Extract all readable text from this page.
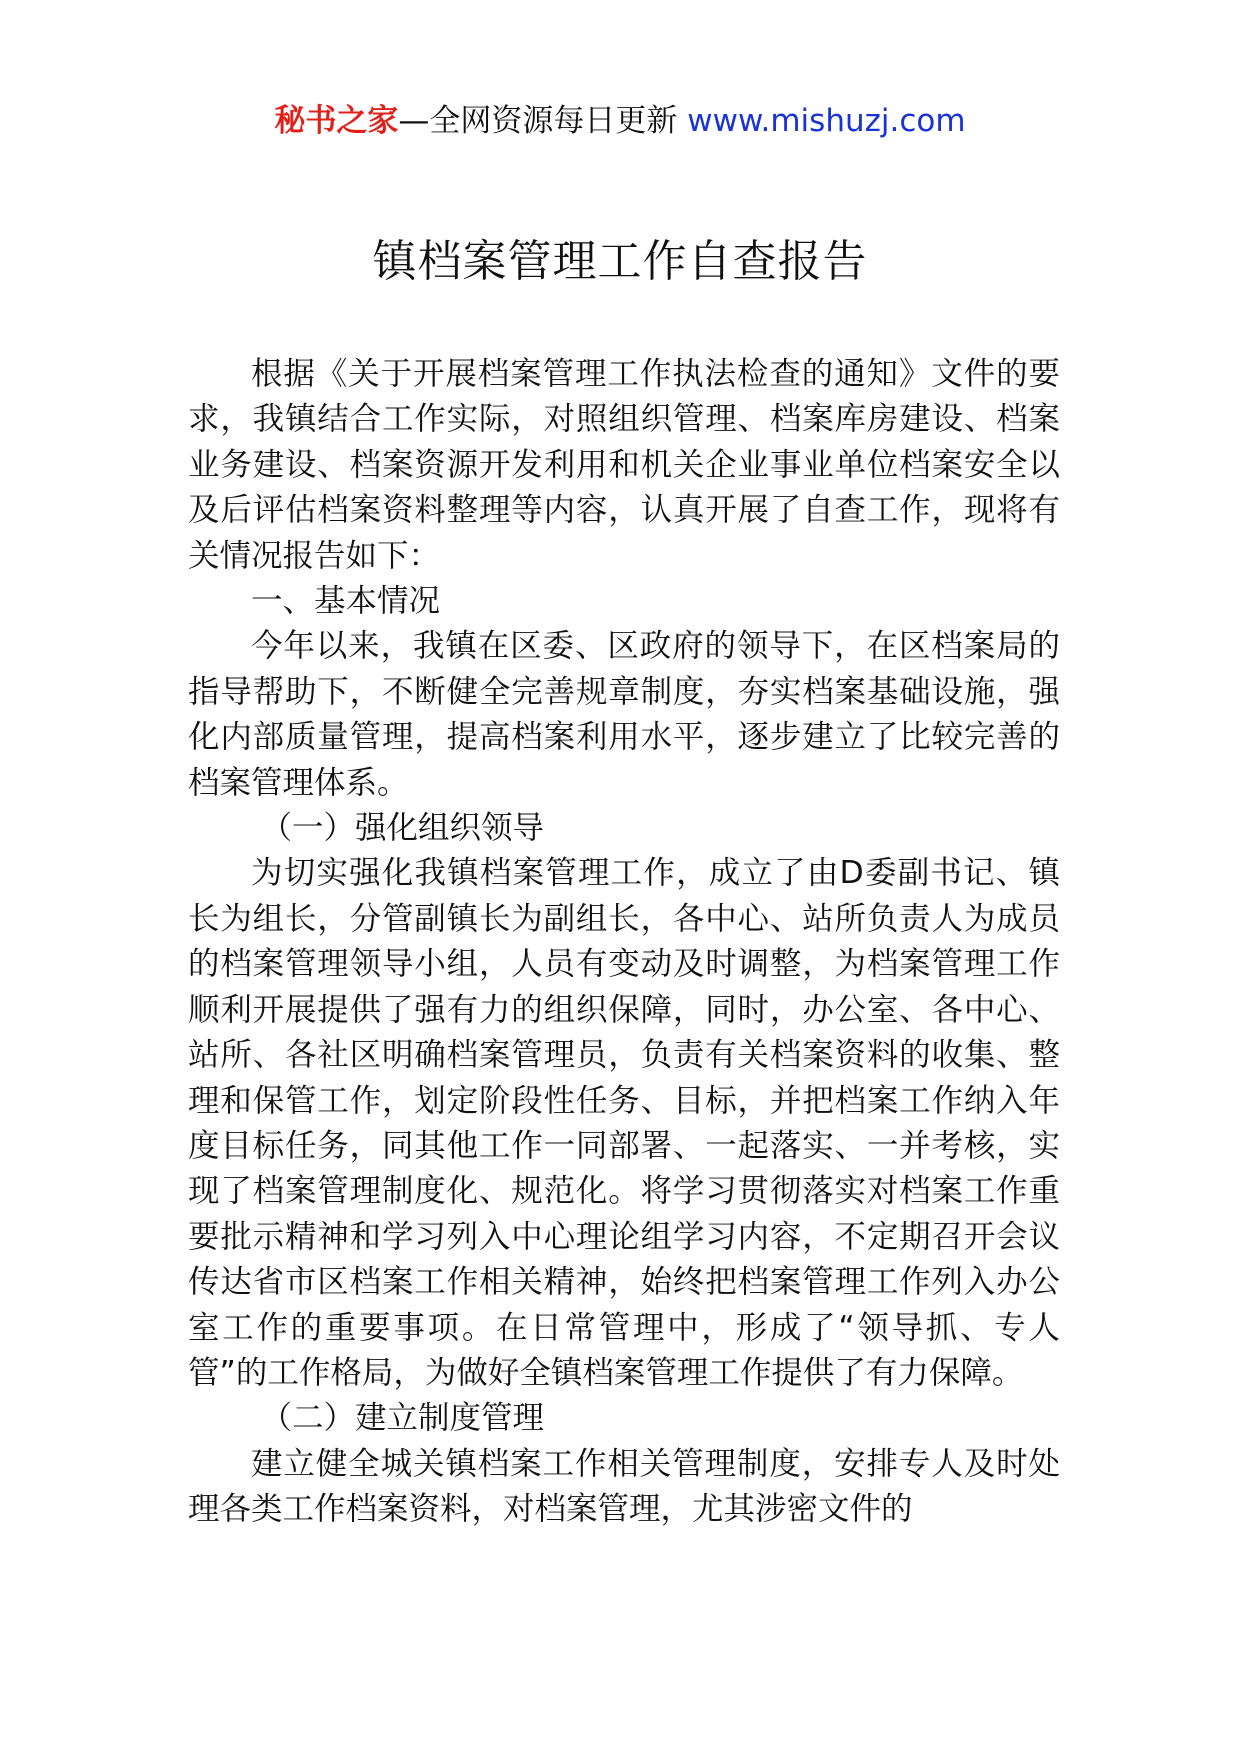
秘书之家—全网资源每日更新 www.mishuzj.com
镇档案管理工作自查报告

根据《关于开展档案管理工作执法检查的通知》文件的要求，我镇结合工作实际，对照组织管理、档案库房建设、档案业务建设、档案资源开发利用和机关企业事业单位档案安全以及后评估档案资料整理等内容，认真开展了自查工作，现将有关情况报告如下：

一、基本情况

今年以来，我镇在区委、区政府的领导下，在区档案局的指导帮助下，不断健全完善规章制度，夯实档案基础设施，强化内部质量管理，提高档案利用水平，逐步建立了比较完善的档案管理体系。

（一）强化组织领导

为切实强化我镇档案管理工作，成立了由D委副书记、镇长为组长，分管副镇长为副组长，各中心、站所负责人为成员的档案管理领导小组，人员有变动及时调整，为档案管理工作顺利开展提供了强有力的组织保障，同时，办公室、各中心、站所、各社区明确档案管理员，负责有关档案资料的收集、整理和保管工作，划定阶段性任务、目标，并把档案工作纳入年度目标任务，同其他工作一同部署、一起落实、一并考核，实现了档案管理制度化、规范化。将学习贯彻落实对档案工作重要批示精神和学习列入中心理论组学习内容，不定期召开会议传达省市区档案工作相关精神，始终把档案管理工作列入办公室工作的重要事项。在日常管理中，形成了“领导抓、专人管”的工作格局，为做好全镇档案管理工作提供了有力保障。

（二）建立制度管理

建立健全城关镇档案工作相关管理制度，安排专人及时处理各类工作档案资料，对档案管理，尤其涉密文件的
